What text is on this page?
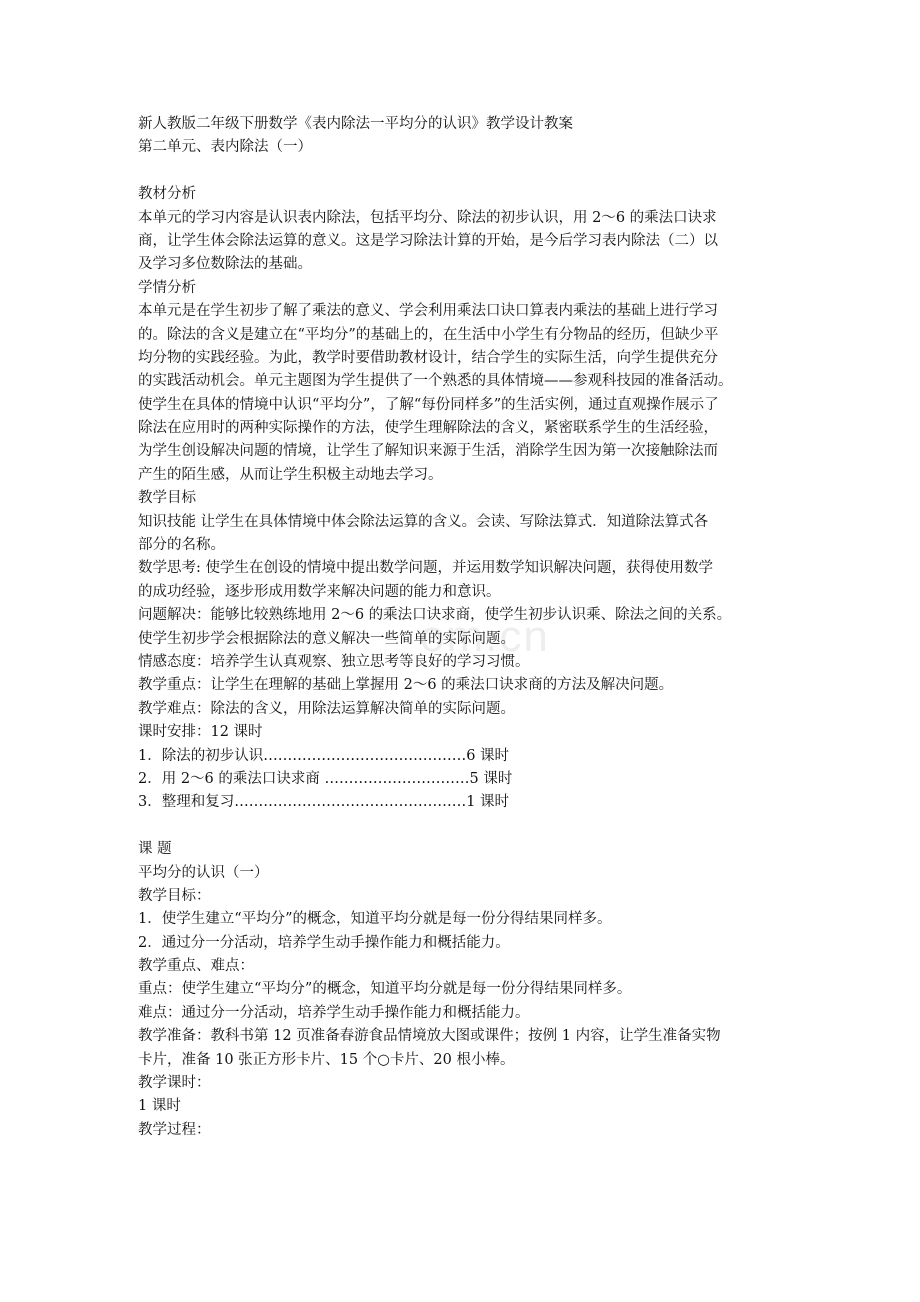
om.cn
新人教版二年级下册数学《表内除法一平均分的认识》教学设计教案
第二单元、表内除法（一）
教材分析
本单元的学习内容是认识表内除法，包括平均分、除法的初步认识，用 2～6 的乘法口诀求
商，让学生体会除法运算的意义。这是学习除法计算的开始，是今后学习表内除法（二）以
及学习多位数除法的基础。
学情分析
本单元是在学生初步了解了乘法的意义、学会利用乘法口诀口算表内乘法的基础上进行学习
的。除法的含义是建立在“平均分”的基础上的，在生活中小学生有分物品的经历，但缺少平
均分物的实践经验。为此，教学时要借助教材设计，结合学生的实际生活，向学生提供充分
的实践活动机会。单元主题图为学生提供了一个熟悉的具体情境——参观科技园的准备活动。
使学生在具体的情境中认识“平均分”，了解“每份同样多”的生活实例，通过直观操作展示了
除法在应用时的两种实际操作的方法，使学生理解除法的含义，紧密联系学生的生活经验，
为学生创设解决问题的情境，让学生了解知识来源于生活，消除学生因为第一次接触除法而
产生的陌生感，从而让学生积极主动地去学习。
教学目标
知识技能 让学生在具体情境中体会除法运算的含义。会读、写除法算式．知道除法算式各
部分的名称。
数学思考: 使学生在创设的情境中提出数学问题，并运用数学知识解决问题，获得使用数学
的成功经验，逐步形成用数学来解决问题的能力和意识。
问题解决：能够比较熟练地用 2～6 的乘法口诀求商，使学生初步认识乘、除法之间的关系。
使学生初步学会根据除法的意义解决一些简单的实际问题。
情感态度：培养学生认真观察、独立思考等良好的学习习惯。
教学重点：让学生在理解的基础上掌握用 2～6 的乘法口诀求商的方法及解决问题。
教学难点：除法的含义，用除法运算解决简单的实际问题。
课时安排：12 课时
1．除法的初步认识……………………………………6 课时
2．用 2～6 的乘法口诀求商 …………………………5 课时
3．整理和复习…………………………………………1 课时
课 题
平均分的认识（一）
教学目标：
1．使学生建立“平均分”的概念，知道平均分就是每一份分得结果同样多。
2．通过分一分活动，培养学生动手操作能力和概括能力。
教学重点、难点：
重点：使学生建立“平均分”的概念，知道平均分就是每一份分得结果同样多。
难点：通过分一分活动，培养学生动手操作能力和概括能力。
教学准备：教科书第 12 页准备春游食品情境放大图或课件；按例 1 内容，让学生准备实物
卡片，准备 10 张正方形卡片、15 个○卡片、20 根小棒。
教学课时：
1 课时
教学过程：
